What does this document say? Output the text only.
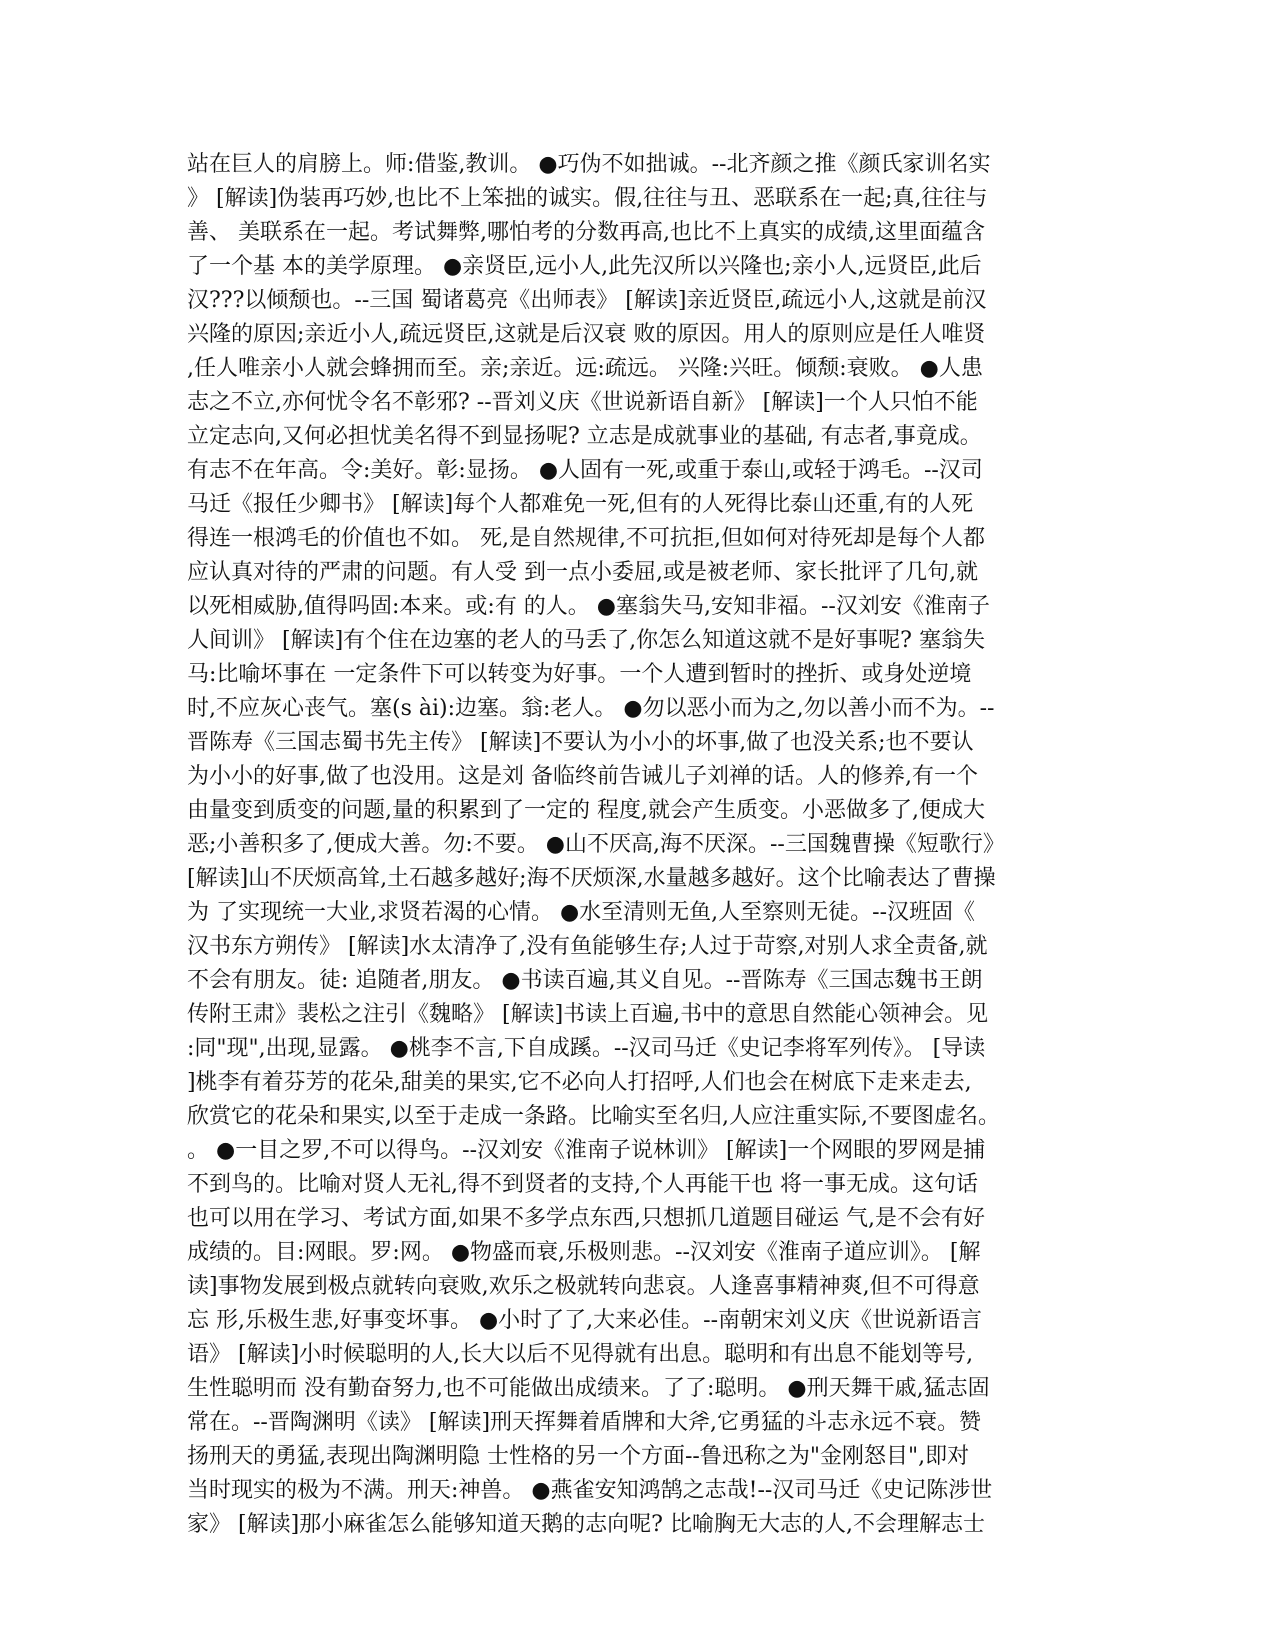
站在巨人的肩膀上。师:借鉴,教训。 ●巧伪不如拙诚。--北齐颜之推《颜氏家训名实
》 [解读]伪装再巧妙,也比不上笨拙的诚实。假,往往与丑、恶联系在一起;真,往往与
善、 美联系在一起。考试舞弊,哪怕考的分数再高,也比不上真实的成绩,这里面蕴含
了一个基 本的美学原理。 ●亲贤臣,远小人,此先汉所以兴隆也;亲小人,远贤臣,此后
汉???以倾颓也。--三国 蜀诸葛亮《出师表》 [解读]亲近贤臣,疏远小人,这就是前汉
兴隆的原因;亲近小人,疏远贤臣,这就是后汉衰 败的原因。用人的原则应是任人唯贤
,任人唯亲小人就会蜂拥而至。亲;亲近。远:疏远。 兴隆:兴旺。倾颓:衰败。 ●人患
志之不立,亦何忧令名不彰邪? --晋刘义庆《世说新语自新》 [解读]一个人只怕不能
立定志向,又何必担忧美名得不到显扬呢? 立志是成就事业的基础, 有志者,事竟成。
有志不在年高。令:美好。彰:显扬。 ●人固有一死,或重于泰山,或轻于鸿毛。--汉司
马迁《报任少卿书》 [解读]每个人都难免一死,但有的人死得比泰山还重,有的人死
得连一根鸿毛的价值也不如。 死,是自然规律,不可抗拒,但如何对待死却是每个人都
应认真对待的严肃的问题。有人受 到一点小委屈,或是被老师、家长批评了几句,就
以死相威胁,值得吗固:本来。或:有 的人。 ●塞翁失马,安知非福。--汉刘安《淮南子
人间训》 [解读]有个住在边塞的老人的马丢了,你怎么知道这就不是好事呢? 塞翁失
马:比喻坏事在 一定条件下可以转变为好事。一个人遭到暂时的挫折、或身处逆境
时,不应灰心丧气。塞(s ài):边塞。翁:老人。 ●勿以恶小而为之,勿以善小而不为。--
晋陈寿《三国志蜀书先主传》 [解读]不要认为小小的坏事,做了也没关系;也不要认
为小小的好事,做了也没用。这是刘 备临终前告诫儿子刘禅的话。人的修养,有一个
由量变到质变的问题,量的积累到了一定的 程度,就会产生质变。小恶做多了,便成大
恶;小善积多了,便成大善。勿:不要。 ●山不厌高,海不厌深。--三国魏曹操《短歌行》
[解读]山不厌烦高耸,土石越多越好;海不厌烦深,水量越多越好。这个比喻表达了曹操
为 了实现统一大业,求贤若渴的心情。 ●水至清则无鱼,人至察则无徒。--汉班固《
汉书东方朔传》 [解读]水太清净了,没有鱼能够生存;人过于苛察,对别人求全责备,就
不会有朋友。徒: 追随者,朋友。 ●书读百遍,其义自见。--晋陈寿《三国志魏书王朗
传附王肃》裴松之注引《魏略》 [解读]书读上百遍,书中的意思自然能心领神会。见
:同"现",出现,显露。 ●桃李不言,下自成蹊。--汉司马迁《史记李将军列传》。 [导读
]桃李有着芬芳的花朵,甜美的果实,它不必向人打招呼,人们也会在树底下走来走去,
欣赏它的花朵和果实,以至于走成一条路。比喻实至名归,人应注重实际,不要图虚名。
。 ●一目之罗,不可以得鸟。--汉刘安《淮南子说林训》 [解读]一个网眼的罗网是捕
不到鸟的。比喻对贤人无礼,得不到贤者的支持,个人再能干也 将一事无成。这句话
也可以用在学习、考试方面,如果不多学点东西,只想抓几道题目碰运 气,是不会有好
成绩的。目:网眼。罗:网。 ●物盛而衰,乐极则悲。--汉刘安《淮南子道应训》。 [解
读]事物发展到极点就转向衰败,欢乐之极就转向悲哀。人逢喜事精神爽,但不可得意
忘 形,乐极生悲,好事变坏事。 ●小时了了,大来必佳。--南朝宋刘义庆《世说新语言
语》 [解读]小时候聪明的人,长大以后不见得就有出息。聪明和有出息不能划等号,
生性聪明而 没有勤奋努力,也不可能做出成绩来。了了:聪明。 ●刑天舞干戚,猛志固
常在。--晋陶渊明《读》 [解读]刑天挥舞着盾牌和大斧,它勇猛的斗志永远不衰。赞
扬刑天的勇猛,表现出陶渊明隐 士性格的另一个方面--鲁迅称之为"金刚怒目",即对
当时现实的极为不满。刑天:神兽。 ●燕雀安知鸿鹄之志哉!--汉司马迁《史记陈涉世
家》 [解读]那小麻雀怎么能够知道天鹅的志向呢? 比喻胸无大志的人,不会理解志士
